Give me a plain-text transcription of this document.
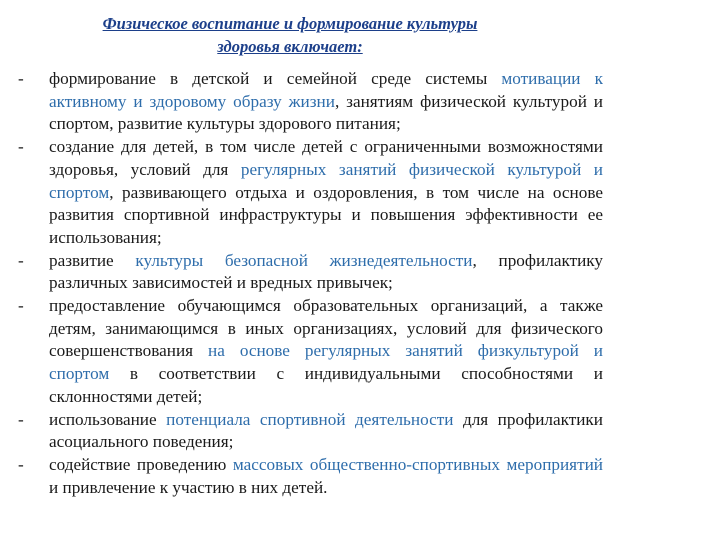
Физическое воспитание и формирование культуры
здоровья включает:
- формирование в детской и семейной среде системы мотивации к активному и здоровому образу жизни, занятиям физической культурой и спортом, развитие культуры здорового питания;
- создание для детей, в том числе детей с ограниченными возможностями здоровья, условий для регулярных занятий физической культурой и спортом, развивающего отдыха и оздоровления, в том числе на основе развития спортивной инфраструктуры и повышения эффективности ее использования;
- развитие культуры безопасной жизнедеятельности, профилактику различных зависимостей и вредных привычек;
- предоставление обучающимся образовательных организаций, а также детям, занимающимся в иных организациях, условий для физического совершенствования на основе регулярных занятий физкультурой и спортом в соответствии с индивидуальными способностями и склонностями детей;
- использование потенциала спортивной деятельности для профилактики асоциального поведения;
- содействие проведению массовых общественно-спортивных мероприятий и привлечение к участию в них детей.
